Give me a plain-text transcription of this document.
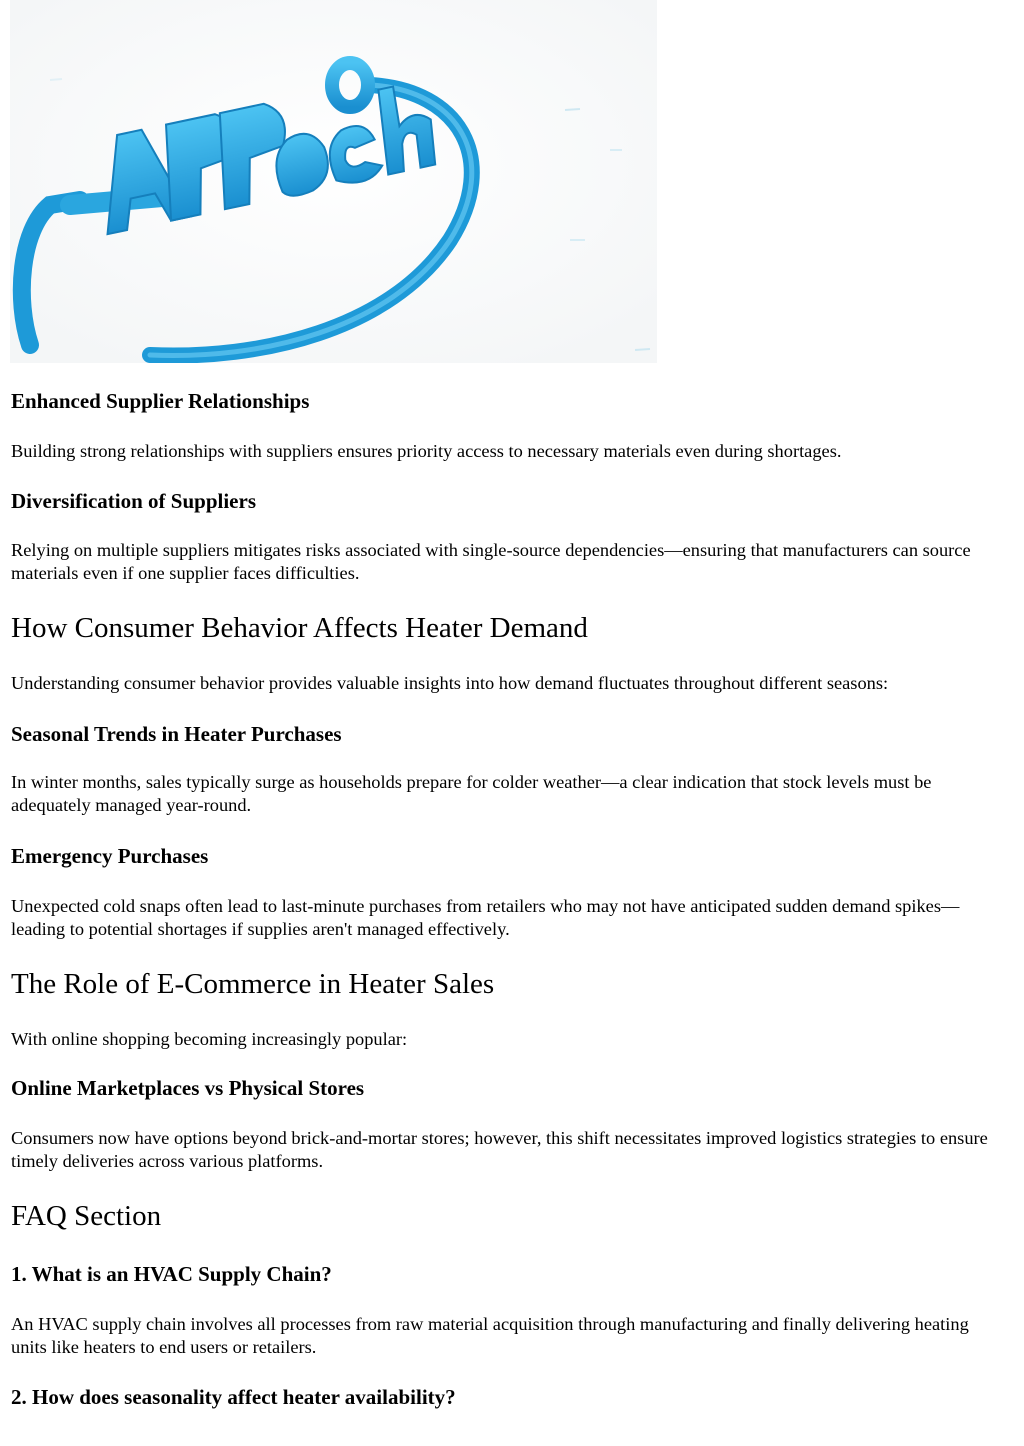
Enhanced Supplier Relationships

Building strong relationships with suppliers ensures priority access to necessary materials even during shortages.

Diversification of Suppliers

Relying on multiple suppliers mitigates risks associated with single-source dependencies—ensuring that manufacturers can source materials even if one supplier faces difficulties.

How Consumer Behavior Affects Heater Demand

Understanding consumer behavior provides valuable insights into how demand fluctuates throughout different seasons:

Seasonal Trends in Heater Purchases

In winter months, sales typically surge as households prepare for colder weather—a clear indication that stock levels must be adequately managed year-round.

Emergency Purchases

Unexpected cold snaps often lead to last-minute purchases from retailers who may not have anticipated sudden demand spikes—leading to potential shortages if supplies aren't managed effectively.

The Role of E-Commerce in Heater Sales

With online shopping becoming increasingly popular:

Online Marketplaces vs Physical Stores

Consumers now have options beyond brick-and-mortar stores; however, this shift necessitates improved logistics strategies to ensure timely deliveries across various platforms.

FAQ Section
1. What is an HVAC Supply Chain?

An HVAC supply chain involves all processes from raw material acquisition through manufacturing and finally delivering heating units like heaters to end users or retailers.

2. How does seasonality affect heater availability?
